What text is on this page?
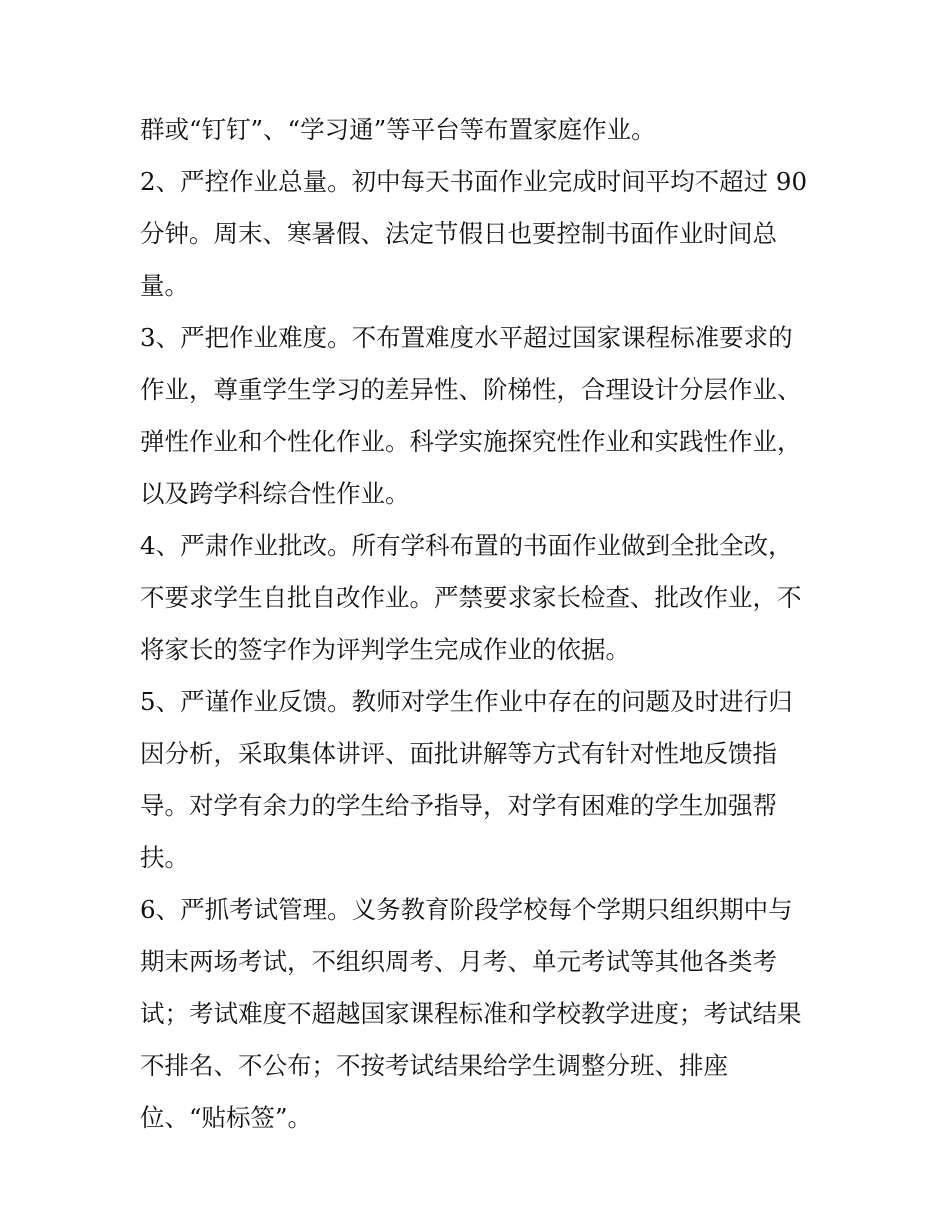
群或“钉钉”、“学习通”等平台等布置家庭作业。
2、严控作业总量。初中每天书面作业完成时间平均不超过 90
分钟。周末、寒暑假、法定节假日也要控制书面作业时间总
量。
3、严把作业难度。不布置难度水平超过国家课程标准要求的
作业，尊重学生学习的差异性、阶梯性，合理设计分层作业、
弹性作业和个性化作业。科学实施探究性作业和实践性作业，
以及跨学科综合性作业。
4、严肃作业批改。所有学科布置的书面作业做到全批全改，
不要求学生自批自改作业。严禁要求家长检查、批改作业，不
将家长的签字作为评判学生完成作业的依据。
5、严谨作业反馈。教师对学生作业中存在的问题及时进行归
因分析，采取集体讲评、面批讲解等方式有针对性地反馈指
导。对学有余力的学生给予指导，对学有困难的学生加强帮
扶。
6、严抓考试管理。义务教育阶段学校每个学期只组织期中与
期末两场考试，不组织周考、月考、单元考试等其他各类考
试；考试难度不超越国家课程标准和学校教学进度；考试结果
不排名、不公布；不按考试结果给学生调整分班、排座
位、“贴标签”。
